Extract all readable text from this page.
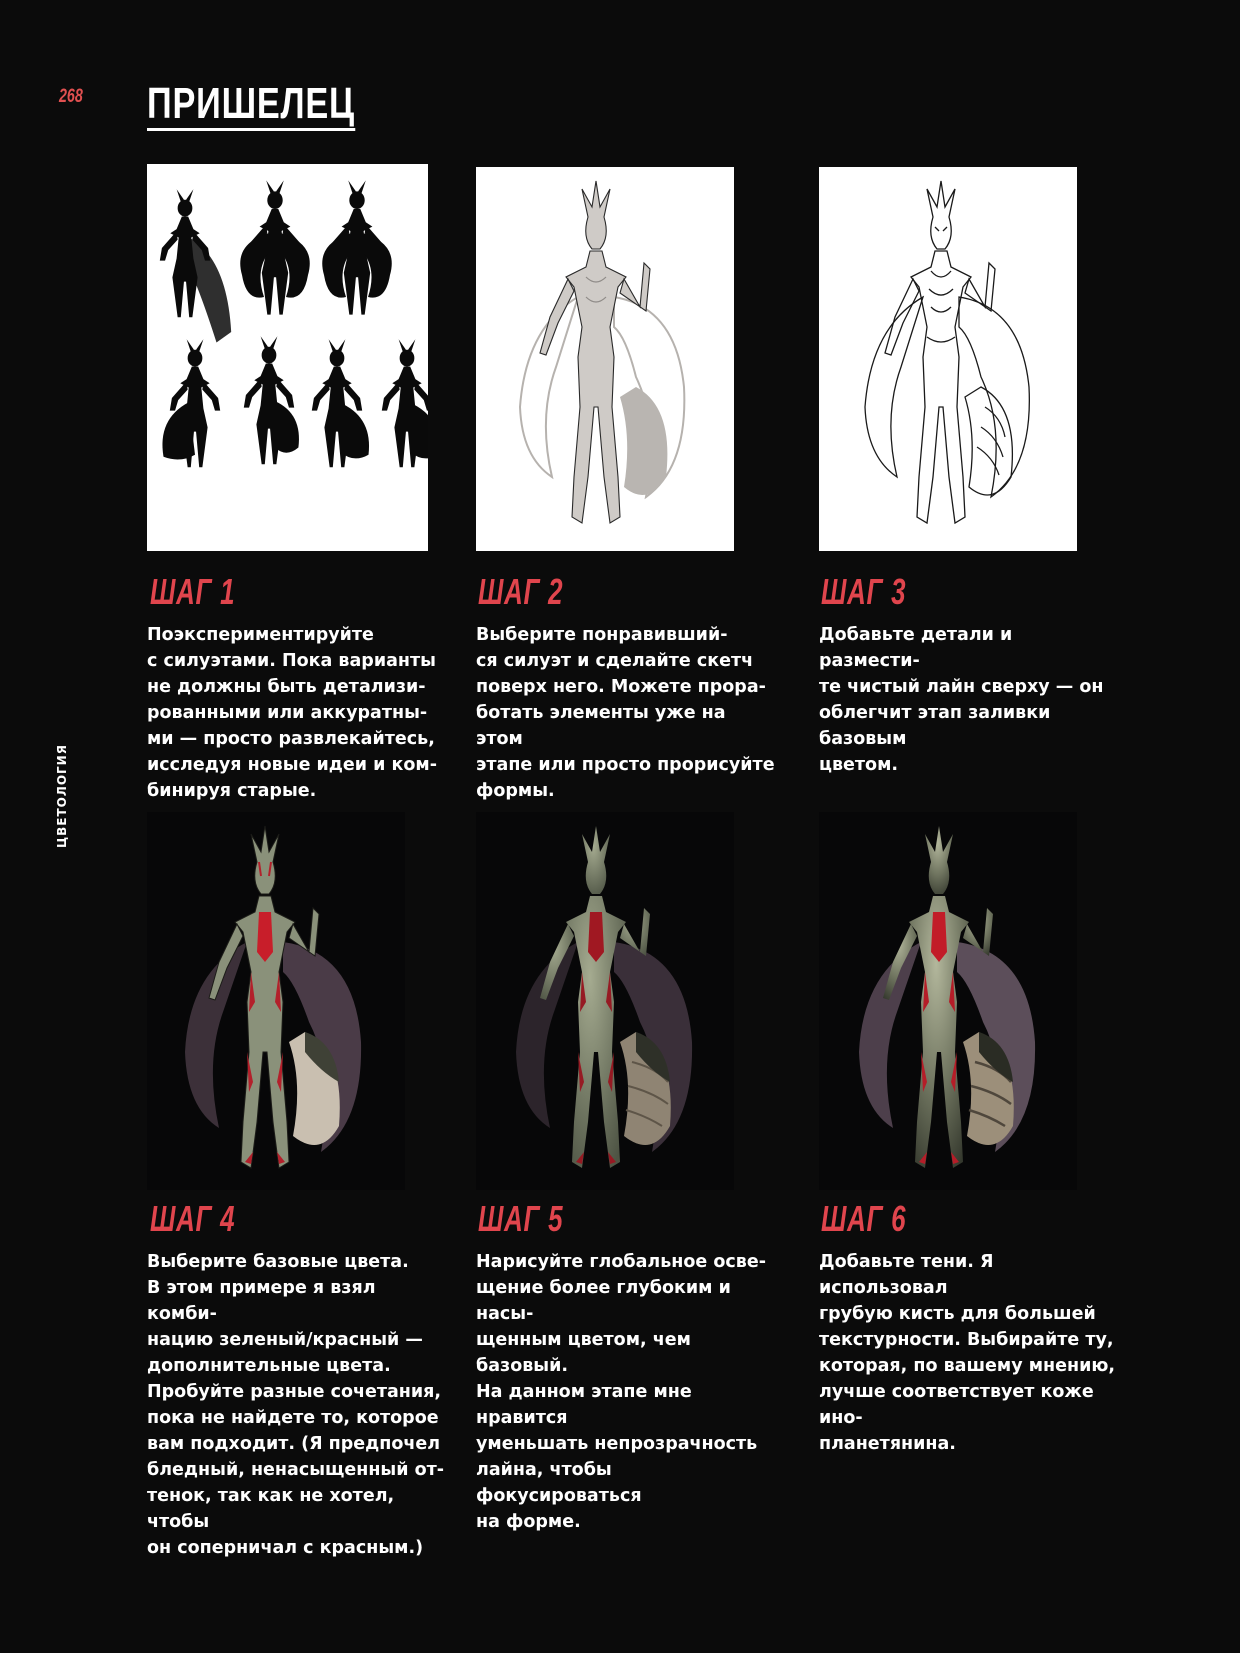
268 ПРИШЕЛЕЦ
ЦВЕТОЛОГИЯ
ШАГ 1

Поэкспериментируйте
с силуэтами. Пока варианты
не должны быть детализи-
рованными или аккуратны-
ми — просто развлекайтесь,
исследуя новые идеи и ком-
бинируя старые.

ШАГ 2

Выберите понравивший-
ся силуэт и сделайте скетч
поверх него. Можете прора-
ботать элементы уже на этом
этапе или просто прорисуйте
формы.

ШАГ 3

Добавьте детали и размести-
те чистый лайн сверху — он
облегчит этап заливки базовым
цветом.

ШАГ 4

Выберите базовые цвета.
В этом примере я взял комби-
нацию зеленый/красный —
дополнительные цвета.
Пробуйте разные сочетания,
пока не найдете то, которое
вам подходит. (Я предпочел
бледный, ненасыщенный от-
тенок, так как не хотел, чтобы
он соперничал с красным.)

ШАГ 5

Нарисуйте глобальное осве-
щение более глубоким и насы-
щенным цветом, чем базовый.
На данном этапе мне нравится
уменьшать непрозрачность
лайна, чтобы фокусироваться
на форме.

ШАГ 6

Добавьте тени. Я использовал
грубую кисть для большей
текстурности. Выбирайте ту,
которая, по вашему мнению,
лучше соответствует коже ино-
планетянина.
